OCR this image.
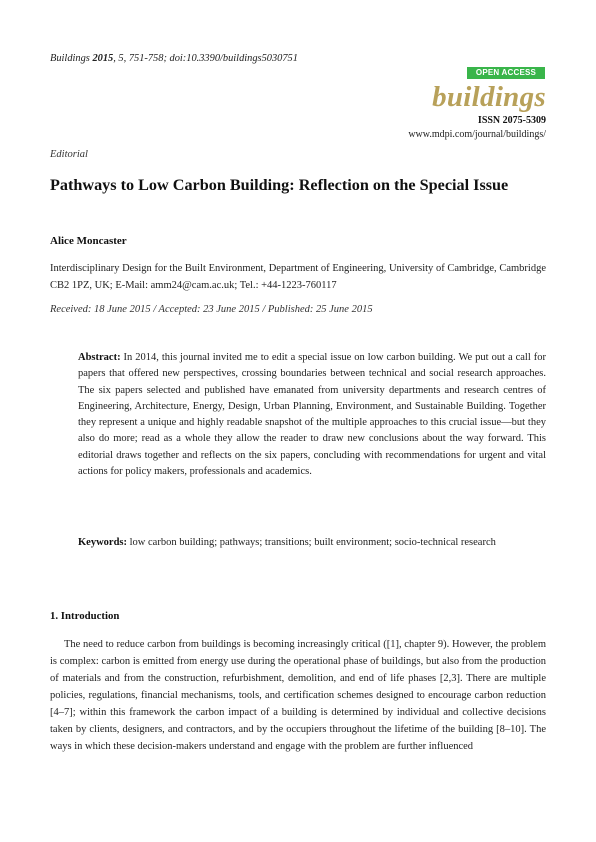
Buildings 2015, 5, 751-758; doi:10.3390/buildings5030751
OPEN ACCESS
buildings
ISSN 2075-5309
www.mdpi.com/journal/buildings/
Editorial
Pathways to Low Carbon Building: Reflection on the Special Issue
Alice Moncaster
Interdisciplinary Design for the Built Environment, Department of Engineering, University of Cambridge, Cambridge CB2 1PZ, UK; E-Mail: amm24@cam.ac.uk; Tel.: +44-1223-760117
Received: 18 June 2015 / Accepted: 23 June 2015 / Published: 25 June 2015
Abstract: In 2014, this journal invited me to edit a special issue on low carbon building. We put out a call for papers that offered new perspectives, crossing boundaries between technical and social research approaches. The six papers selected and published have emanated from university departments and research centres of Engineering, Architecture, Energy, Design, Urban Planning, Environment, and Sustainable Building. Together they represent a unique and highly readable snapshot of the multiple approaches to this crucial issue—but they also do more; read as a whole they allow the reader to draw new conclusions about the way forward. This editorial draws together and reflects on the six papers, concluding with recommendations for urgent and vital actions for policy makers, professionals and academics.
Keywords: low carbon building; pathways; transitions; built environment; socio-technical research
1. Introduction
The need to reduce carbon from buildings is becoming increasingly critical ([1], chapter 9). However, the problem is complex: carbon is emitted from energy use during the operational phase of buildings, but also from the production of materials and from the construction, refurbishment, demolition, and end of life phases [2,3]. There are multiple policies, regulations, financial mechanisms, tools, and certification schemes designed to encourage carbon reduction [4–7]; within this framework the carbon impact of a building is determined by individual and collective decisions taken by clients, designers, and contractors, and by the occupiers throughout the lifetime of the building [8–10]. The ways in which these decision-makers understand and engage with the problem are further influenced
